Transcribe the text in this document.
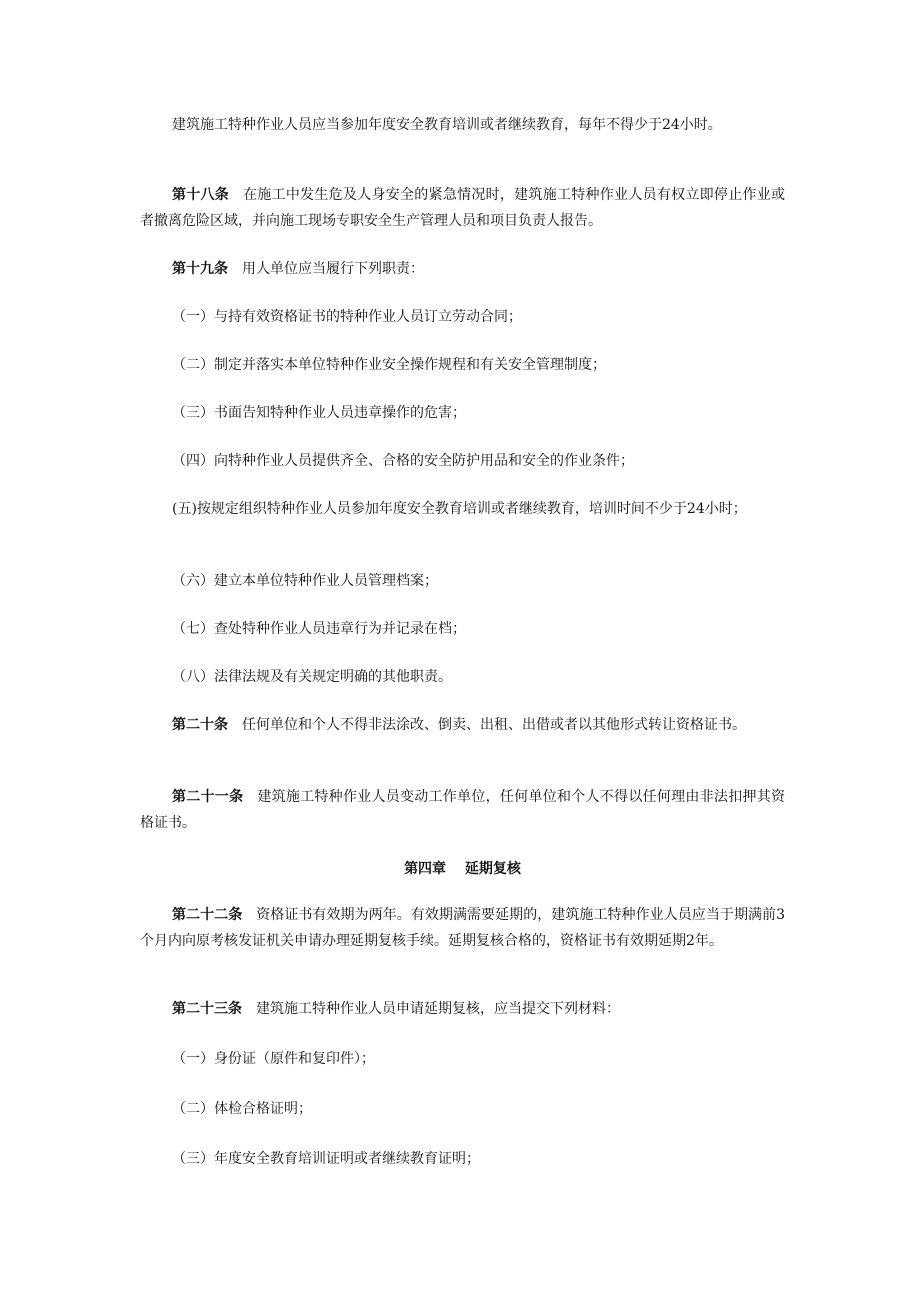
建筑施工特种作业人员应当参加年度安全教育培训或者继续教育，每年不得少于24小时。

第十八条 在施工中发生危及人身安全的紧急情况时，建筑施工特种作业人员有权立即停止作业或者撤离危险区域，并向施工现场专职安全生产管理人员和项目负责人报告。

第十九条 用人单位应当履行下列职责：

（一）与持有效资格证书的特种作业人员订立劳动合同；

（二）制定并落实本单位特种作业安全操作规程和有关安全管理制度；

（三）书面告知特种作业人员违章操作的危害；

（四）向特种作业人员提供齐全、合格的安全防护用品和安全的作业条件；

(五)按规定组织特种作业人员参加年度安全教育培训或者继续教育，培训时间不少于24小时；

（六）建立本单位特种作业人员管理档案；

（七）查处特种作业人员违章行为并记录在档；

（八）法律法规及有关规定明确的其他职责。

第二十条 任何单位和个人不得非法涂改、倒卖、出租、出借或者以其他形式转让资格证书。

第二十一条 建筑施工特种作业人员变动工作单位，任何单位和个人不得以任何理由非法扣押其资格证书。

第四章 延期复核

第二十二条 资格证书有效期为两年。有效期满需要延期的，建筑施工特种作业人员应当于期满前3个月内向原考核发证机关申请办理延期复核手续。延期复核合格的，资格证书有效期延期2年。

第二十三条 建筑施工特种作业人员申请延期复核，应当提交下列材料：

（一）身份证（原件和复印件）；

（二）体检合格证明；

（三）年度安全教育培训证明或者继续教育证明；
